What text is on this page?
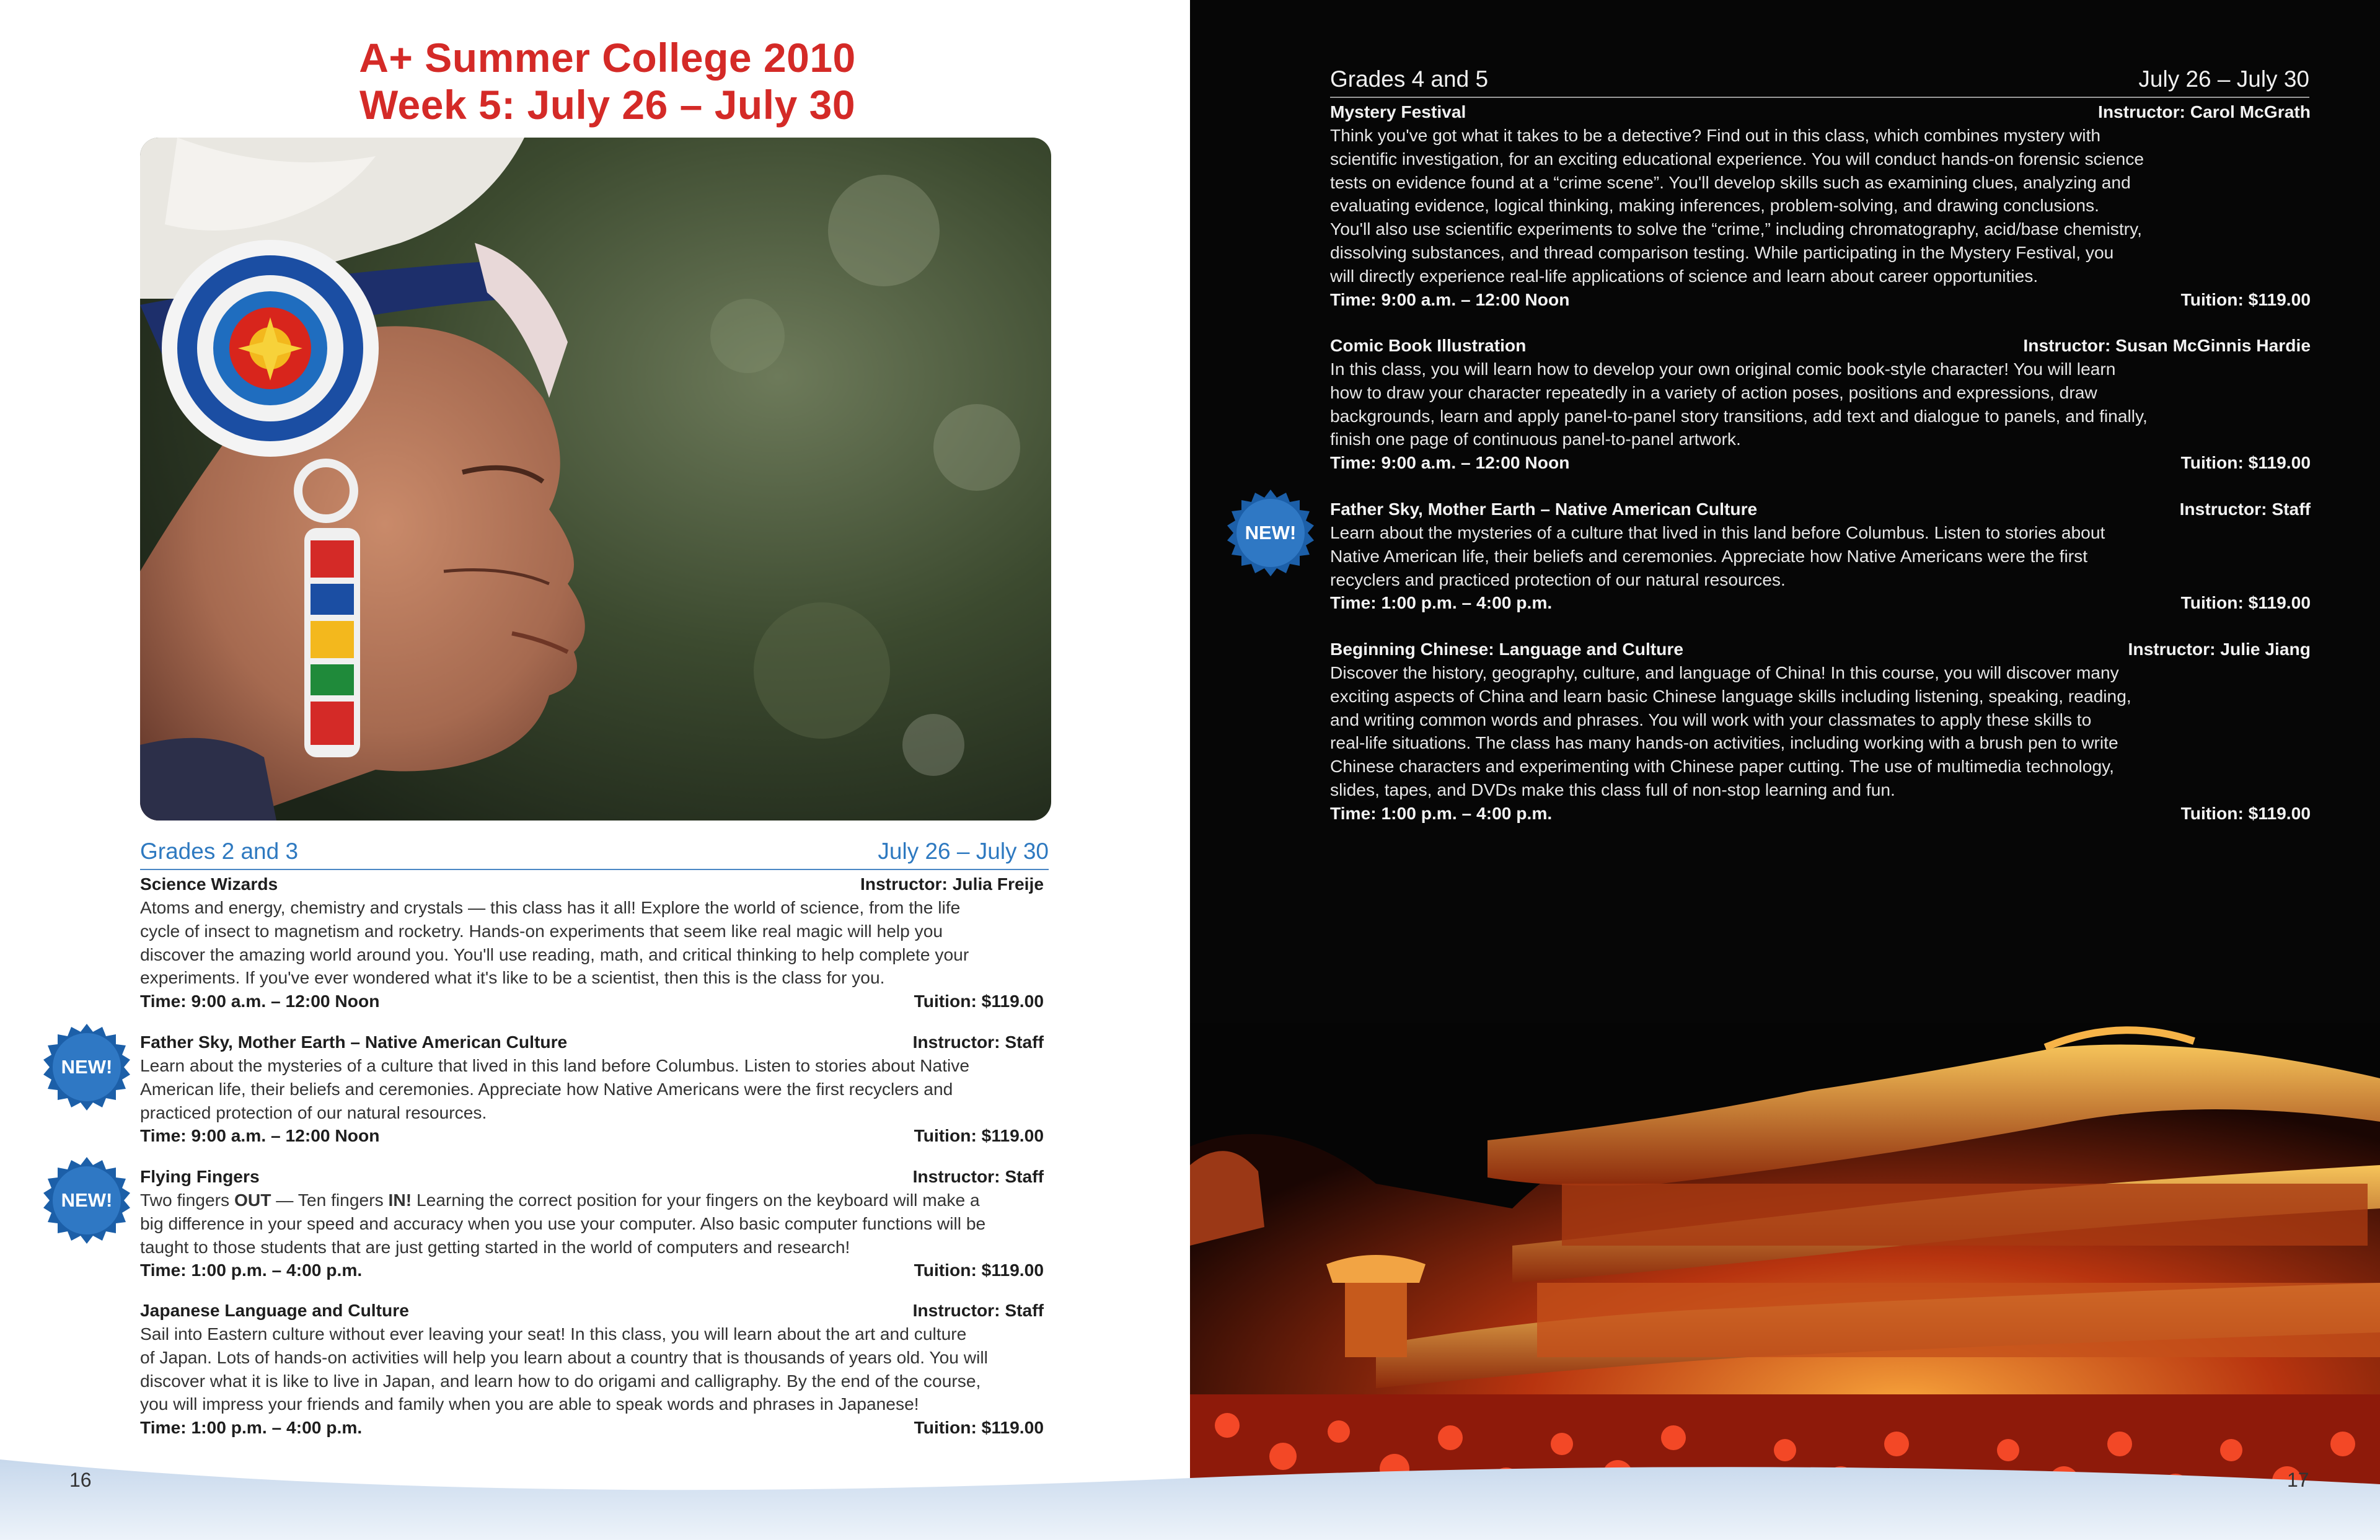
A+ Summer College 2010
Week 5: July 26 – July 30
Grades 2 and 3	July 26 – July 30
Science Wizards	Instructor: Julia Freije

Atoms and energy, chemistry and crystals — this class has it all! Explore the world of science, from the life

cycle of insect to magnetism and rocketry. Hands-on experiments that seem like real magic will help you

discover the amazing world around you. You'll use reading, math, and critical thinking to help complete your

experiments. If you've ever wondered what it's like to be a scientist, then this is the class for you.

Time: 9:00 a.m. – 12:00 Noon	Tuition: $119.00
Father Sky, Mother Earth – Native American Culture	Instructor: Staff

Learn about the mysteries of a culture that lived in this land before Columbus. Listen to stories about Native

American life, their beliefs and ceremonies. Appreciate how Native Americans were the first recyclers and

practiced protection of our natural resources.

Time: 9:00 a.m. – 12:00 Noon	Tuition: $119.00
Flying Fingers	Instructor: Staff

Two fingers OUT — Ten fingers IN! Learning the correct position for your fingers on the keyboard will make a

big difference in your speed and accuracy when you use your computer. Also basic computer functions will be

taught to those students that are just getting started in the world of computers and research!

Time: 1:00 p.m. – 4:00 p.m.	Tuition: $119.00
Japanese Language and Culture	Instructor: Staff

Sail into Eastern culture without ever leaving your seat! In this class, you will learn about the art and culture

of Japan. Lots of hands-on activities will help you learn about a country that is thousands of years old. You will

discover what it is like to live in Japan, and learn how to do origami and calligraphy. By the end of the course,

you will impress your friends and family when you are able to speak words and phrases in Japanese!

Time: 1:00 p.m. – 4:00 p.m.	Tuition: $119.00
NEW!
NEW!
Grades 4 and 5	July 26 – July 30
Mystery Festival	Instructor: Carol McGrath

Think you've got what it takes to be a detective? Find out in this class, which combines mystery with

scientific investigation, for an exciting educational experience. You will conduct hands-on forensic science

tests on evidence found at a “crime scene”. You'll develop skills such as examining clues, analyzing and

evaluating evidence, logical thinking, making inferences, problem-solving, and drawing conclusions.

You'll also use scientific experiments to solve the “crime,” including chromatography, acid/base chemistry,

dissolving substances, and thread comparison testing. While participating in the Mystery Festival, you

will directly experience real-life applications of science and learn about career opportunities.

Time: 9:00 a.m. – 12:00 Noon	Tuition: $119.00
Comic Book Illustration	Instructor: Susan McGinnis Hardie

In this class, you will learn how to develop your own original comic book-style character! You will learn

how to draw your character repeatedly in a variety of action poses, positions and expressions, draw

backgrounds, learn and apply panel-to-panel story transitions, add text and dialogue to panels, and finally,

finish one page of continuous panel-to-panel artwork.

Time: 9:00 a.m. – 12:00 Noon	Tuition: $119.00
Father Sky, Mother Earth – Native American Culture	Instructor: Staff

Learn about the mysteries of a culture that lived in this land before Columbus. Listen to stories about

Native American life, their beliefs and ceremonies. Appreciate how Native Americans were the first

recyclers and practiced protection of our natural resources.

Time: 1:00 p.m. – 4:00 p.m.	Tuition: $119.00
Beginning Chinese: Language and Culture	Instructor: Julie Jiang

Discover the history, geography, culture, and language of China! In this course, you will discover many

exciting aspects of China and learn basic Chinese language skills including listening, speaking, reading,

and writing common words and phrases. You will work with your classmates to apply these skills to

real-life situations. The class has many hands-on activities, including working with a brush pen to write

Chinese characters and experimenting with Chinese paper cutting. The use of multimedia technology,

slides, tapes, and DVDs make this class full of non-stop learning and fun.

Time: 1:00 p.m. – 4:00 p.m.	Tuition: $119.00
NEW!
16	17
